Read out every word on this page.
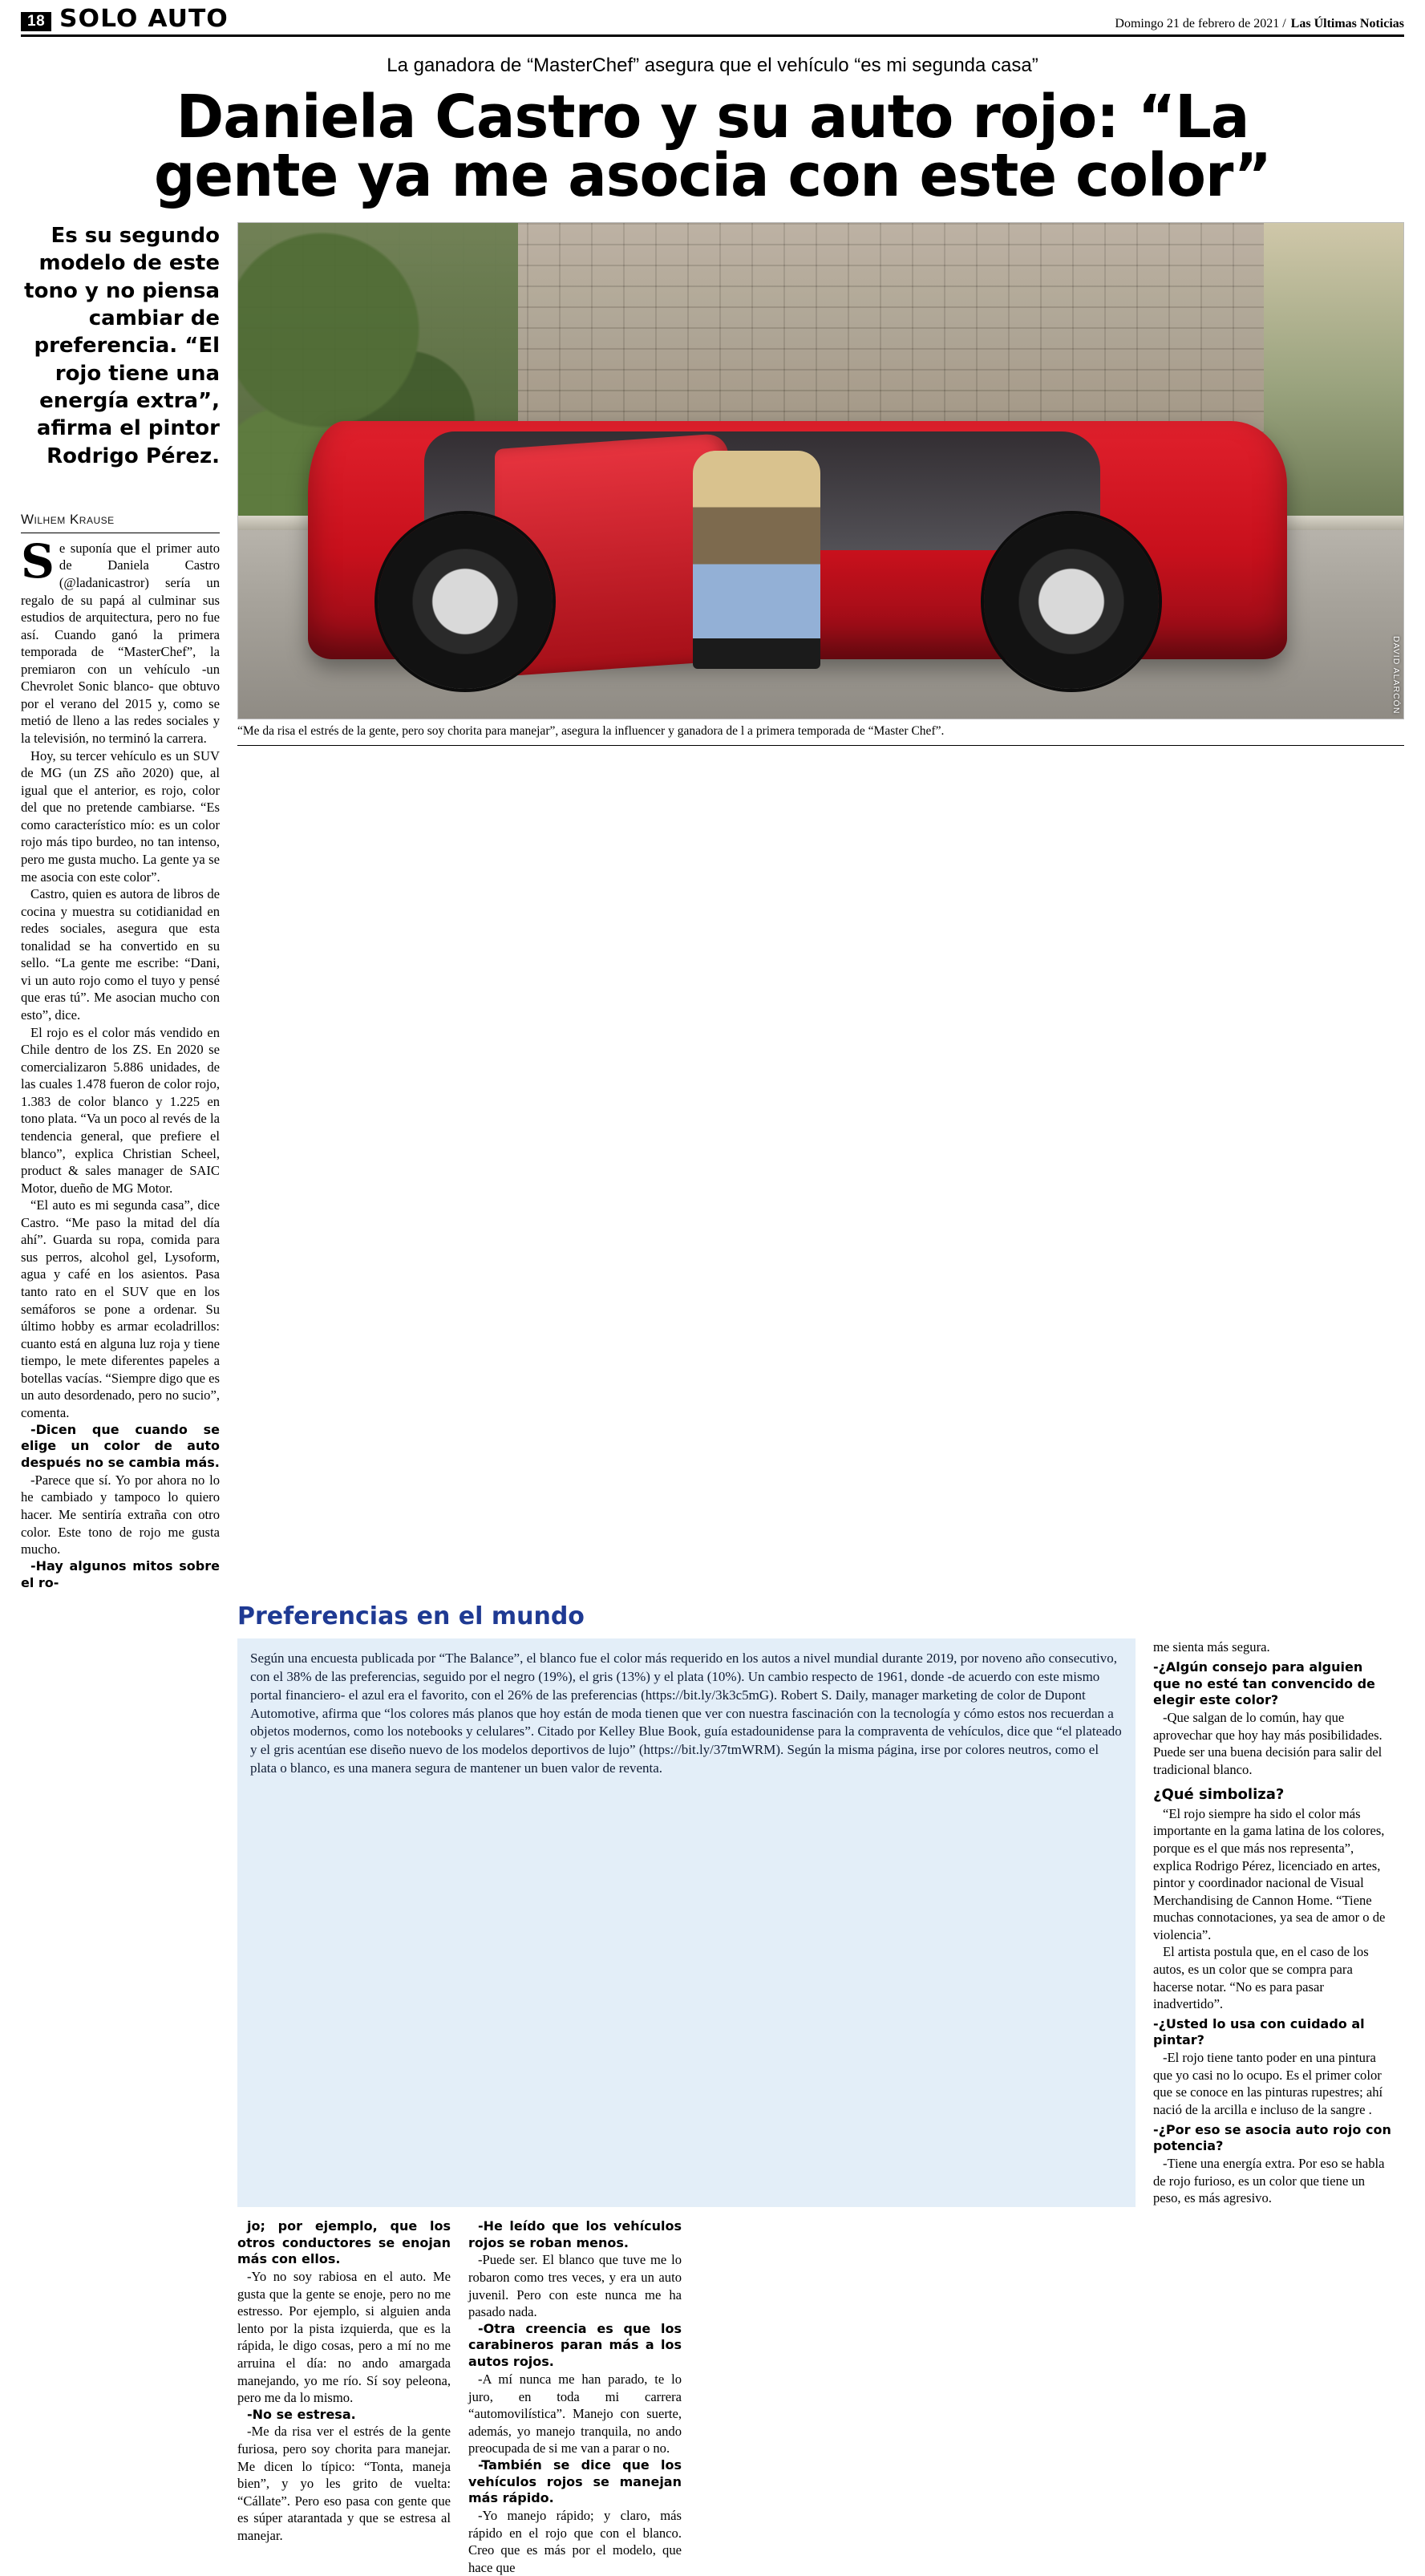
18 SOLO AUTO	Domingo 21 de febrero de 2021 / Las Últimas Noticias
La ganadora de “MasterChef” asegura que el vehículo “es mi segunda casa”
Daniela Castro y su auto rojo: “La gente ya me asocia con este color”
Es su segundo modelo de este tono y no piensa cambiar de preferencia. “El rojo tiene una energía extra”, afirma el pintor Rodrigo Pérez.
Wilhem Krause

Se suponía que el primer auto de Daniela Castro (@ladanicastror) sería un regalo de su papá al culminar sus estudios de arquitectura, pero no fue así. Cuando ganó la primera temporada de “MasterChef”, la premiaron con un vehículo -un Chevrolet Sonic blanco- que obtuvo por el verano del 2015 y, como se metió de lleno a las redes sociales y la televisión, no terminó la carrera.

Hoy, su tercer vehículo es un SUV de MG (un ZS año 2020) que, al igual que el anterior, es rojo, color del que no pretende cambiarse. “Es como característico mío: es un color rojo más tipo burdeo, no tan intenso, pero me gusta mucho. La gente ya se me asocia con este color”.

Castro, quien es autora de libros de cocina y muestra su cotidianidad en redes sociales, asegura que esta tonalidad se ha convertido en su sello. “La gente me escribe: “Dani, vi un auto rojo como el tuyo y pensé que eras tú”. Me asocian mucho con esto”, dice.

El rojo es el color más vendido en Chile dentro de los ZS. En 2020 se comercializaron 5.886 unidades, de las cuales 1.478 fueron de color rojo, 1.383 de color blanco y 1.225 en tono plata. “Va un poco al revés de la tendencia general, que prefiere el blanco”, explica Christian Scheel, product & sales manager de SAIC Motor, dueño de MG Motor.

“El auto es mi segunda casa”, dice Castro. “Me paso la mitad del día ahí”. Guarda su ropa, comida para sus perros, alcohol gel, Lysoform, agua y café en los asientos. Pasa tanto rato en el SUV que en los semáforos se pone a ordenar. Su último hobby es armar ecoladrillos: cuanto está en alguna luz roja y tiene tiempo, le mete diferentes papeles a botellas vacías. “Siempre digo que es un auto desordenado, pero no sucio”, comenta.

-Dicen que cuando se elige un color de auto después no se cambia más.

-Parece que sí. Yo por ahora no lo he cambiado y tampoco lo quiero hacer. Me sentiría extraña con otro color. Este tono de rojo me gusta mucho.

-Hay algunos mitos sobre el ro-

DAVID ALARCÓN
“Me da risa el estrés de la gente, pero soy chorita para manejar”, asegura la influencer y ganadora de l a primera temporada de “Master Chef”.
Preferencias en el mundo
Según una encuesta publicada por “The Balance”, el blanco fue el color más requerido en los autos a nivel mundial durante 2019, por noveno año consecutivo, con el 38% de las preferencias, seguido por el negro (19%), el gris (13%) y el plata (10%). Un cambio respecto de 1961, donde -de acuerdo con este mismo portal financiero- el azul era el favorito, con el 26% de las preferencias (https://bit.ly/3k3c5mG). Robert S. Daily, manager marketing de color de Dupont Automotive, afirma que “los colores más planos que hoy están de moda tienen que ver con nuestra fascinación con la tecnología y cómo estos nos recuerdan a objetos modernos, como los notebooks y celulares”. Citado por Kelley Blue Book, guía estadounidense para la compraventa de vehículos, dice que “el plateado y el gris acentúan ese diseño nuevo de los modelos deportivos de lujo” (https://bit.ly/37tmWRM). Según la misma página, irse por colores neutros, como el plata o blanco, es una manera segura de mantener un buen valor de reventa.

me sienta más segura.

-¿Algún consejo para alguien que no esté tan convencido de elegir este color?

-Que salgan de lo común, hay que aprovechar que hoy hay más posibilidades. Puede ser una buena decisión para salir del tradicional blanco.

¿Qué simboliza?

“El rojo siempre ha sido el color más importante en la gama latina de los colores, porque es el que más nos representa”, explica Rodrigo Pérez, licenciado en artes, pintor y coordinador nacional de Visual Merchandising de Cannon Home. “Tiene muchas connotaciones, ya sea de amor o de violencia”.

El artista postula que, en el caso de los autos, es un color que se compra para hacerse notar. “No es para pasar inadvertido”.

-¿Usted lo usa con cuidado al pintar?

-El rojo tiene tanto poder en una pintura que yo casi no lo ocupo. Es el primer color que se conoce en las pinturas rupestres; ahí nació de la arcilla e incluso de la sangre .

-¿Por eso se asocia auto rojo con potencia?

-Tiene una energía extra. Por eso se habla de rojo furioso, es un color que tiene un peso, es más agresivo.

jo; por ejemplo, que los otros conductores se enojan más con ellos.

-Yo no soy rabiosa en el auto. Me gusta que la gente se enoje, pero no me estresso. Por ejemplo, si alguien anda lento por la pista izquierda, que es la rápida, le digo cosas, pero a mí no me arruina el día: no ando amargada manejando, yo me río. Sí soy peleona, pero me da lo mismo.

-No se estresa.

-Me da risa ver el estrés de la gente furiosa, pero soy chorita para manejar. Me dicen lo típico: “Tonta, maneja bien”, y yo les grito de vuelta: “Cállate”. Pero eso pasa con gente que es súper atarantada y que se estresa al manejar.

-He leído que los vehículos rojos se roban menos.

-Puede ser. El blanco que tuve me lo robaron como tres veces, y era un auto juvenil. Pero con este nunca me ha pasado nada.

-Otra creencia es que los carabineros paran más a los autos rojos.

-A mí nunca me han parado, te lo juro, en toda mi carrera “automovilística”. Manejo con suerte, además, yo manejo tranquila, no ando preocupada de si me van a parar o no.

-También se dice que los vehículos rojos se manejan más rápido.

-Yo manejo rápido; y claro, más rápido en el rojo que con el blanco. Creo que es más por el modelo, que hace que
